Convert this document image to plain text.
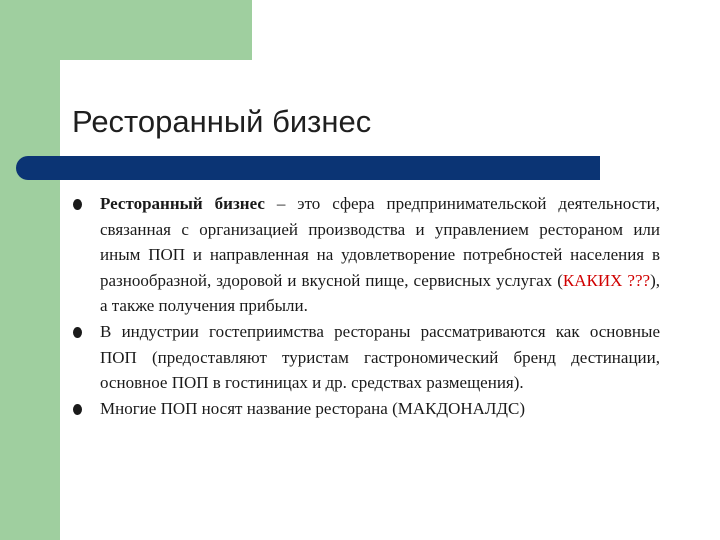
Ресторанный бизнес
Ресторанный бизнес – это сфера предпринимательской деятельности, связанная с организацией производства и управлением рестораном или иным ПОП и направленная на удовлетворение потребностей населения в разнообразной, здоровой и вкусной пище, сервисных услугах (КАКИХ ???), а также получения прибыли.
В индустрии гостеприимства рестораны рассматриваются как основные ПОП (предоставляют туристам гастрономический бренд дестинации, основное ПОП в гостиницах и др. средствах размещения).
Многие ПОП носят название ресторана (МАКДОНАЛДС)
